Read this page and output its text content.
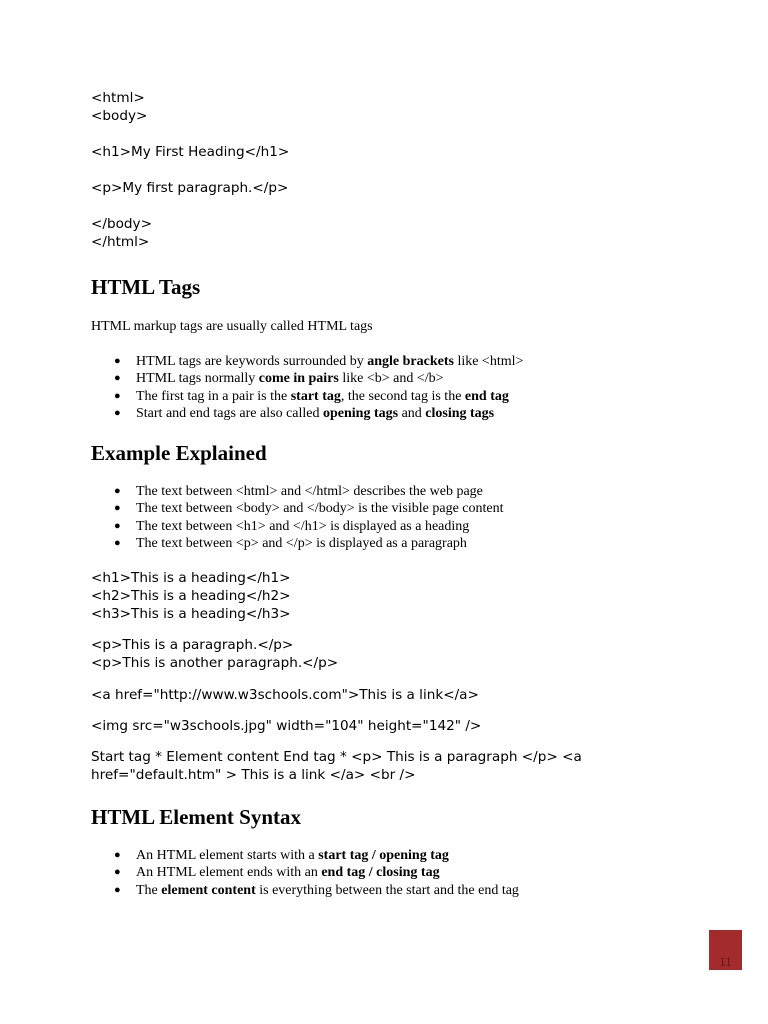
<html>
<body>

<h1>My First Heading</h1>

<p>My first paragraph.</p>

</body>
</html>
HTML Tags

HTML markup tags are usually called HTML tags

● HTML tags are keywords surrounded by angle brackets like <html>
● HTML tags normally come in pairs like <b> and </b>
● The first tag in a pair is the start tag, the second tag is the end tag
● Start and end tags are also called opening tags and closing tags
Example Explained
● The text between <html> and </html> describes the web page
● The text between <body> and </body> is the visible page content
● The text between <h1> and </h1> is displayed as a heading
● The text between <p> and </p> is displayed as a paragraph
<h1>This is a heading</h1>
<h2>This is a heading</h2>
<h3>This is a heading</h3>
<p>This is a paragraph.</p>
<p>This is another paragraph.</p>
<a href="http://www.w3schools.com">This is a link</a>
<img src="w3schools.jpg" width="104" height="142" />
Start tag * Element content End tag * <p> This is a paragraph </p> <a href="default.htm" > This is a link </a> <br />
HTML Element Syntax
● An HTML element starts with a start tag / opening tag
● An HTML element ends with an end tag / closing tag
● The element content is everything between the start and the end tag
11
